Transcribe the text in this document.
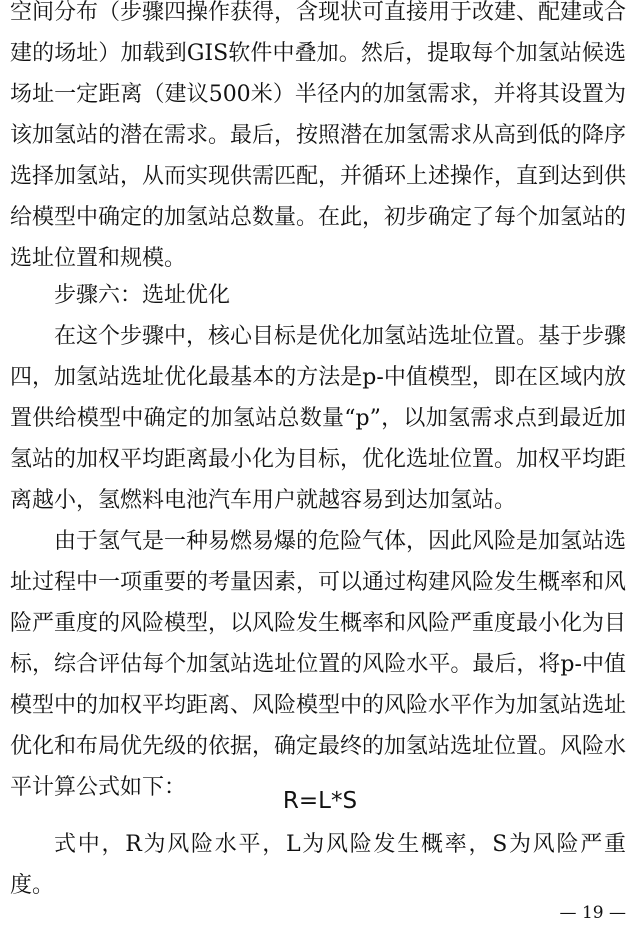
空间分布（步骤四操作获得，含现状可直接用于改建、配建或合建的场址）加载到GIS软件中叠加。然后，提取每个加氢站候选场址一定距离（建议500米）半径内的加氢需求，并将其设置为该加氢站的潜在需求。最后，按照潜在加氢需求从高到低的降序选择加氢站，从而实现供需匹配，并循环上述操作，直到达到供给模型中确定的加氢站总数量。在此，初步确定了每个加氢站的选址位置和规模。

步骤六：选址优化

在这个步骤中，核心目标是优化加氢站选址位置。基于步骤四，加氢站选址优化最基本的方法是p-中值模型，即在区域内放置供给模型中确定的加氢站总数量“p”，以加氢需求点到最近加氢站的加权平均距离最小化为目标，优化选址位置。加权平均距离越小，氢燃料电池汽车用户就越容易到达加氢站。

由于氢气是一种易燃易爆的危险气体，因此风险是加氢站选址过程中一项重要的考量因素，可以通过构建风险发生概率和风险严重度的风险模型，以风险发生概率和风险严重度最小化为目标，综合评估每个加氢站选址位置的风险水平。最后，将p-中值模型中的加权平均距离、风险模型中的风险水平作为加氢站选址优化和布局优先级的依据，确定最终的加氢站选址位置。风险水平计算公式如下：

R=L*S

式中，R为风险水平，L为风险发生概率，S为风险严重度。

— 19 —
